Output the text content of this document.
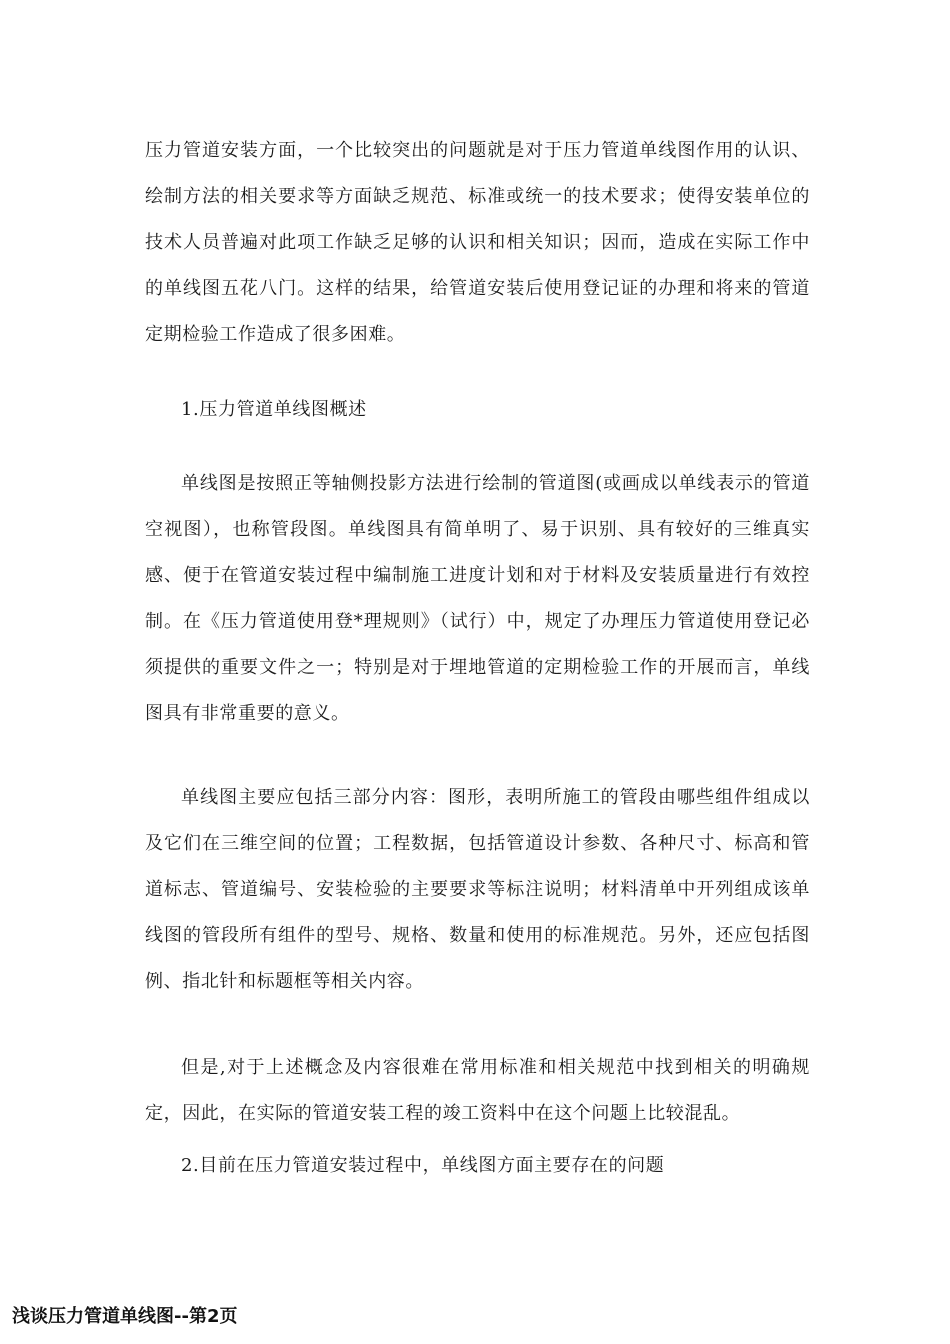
压力管道安装方面，一个比较突出的问题就是对于压力管道单线图作用的认识、绘制方法的相关要求等方面缺乏规范、标准或统一的技术要求；使得安装单位的技术人员普遍对此项工作缺乏足够的认识和相关知识；因而，造成在实际工作中的单线图五花八门。这样的结果，给管道安装后使用登记证的办理和将来的管道定期检验工作造成了很多困难。

1.压力管道单线图概述

单线图是按照正等轴侧投影方法进行绘制的管道图(或画成以单线表示的管道空视图），也称管段图。单线图具有简单明了、易于识别、具有较好的三维真实感、便于在管道安装过程中编制施工进度计划和对于材料及安装质量进行有效控制。在《压力管道使用登*理规则》（试行）中，规定了办理压力管道使用登记必须提供的重要文件之一；特别是对于埋地管道的定期检验工作的开展而言，单线图具有非常重要的意义。

单线图主要应包括三部分内容：图形，表明所施工的管段由哪些组件组成以及它们在三维空间的位置；工程数据，包括管道设计参数、各种尺寸、标高和管道标志、管道编号、安装检验的主要要求等标注说明；材料清单中开列组成该单线图的管段所有组件的型号、规格、数量和使用的标准规范。另外，还应包括图例、指北针和标题框等相关内容。

但是,对于上述概念及内容很难在常用标准和相关规范中找到相关的明确规定，因此，在实际的管道安装工程的竣工资料中在这个问题上比较混乱。

2.目前在压力管道安装过程中，单线图方面主要存在的问题

浅谈压力管道单线图--第2页
